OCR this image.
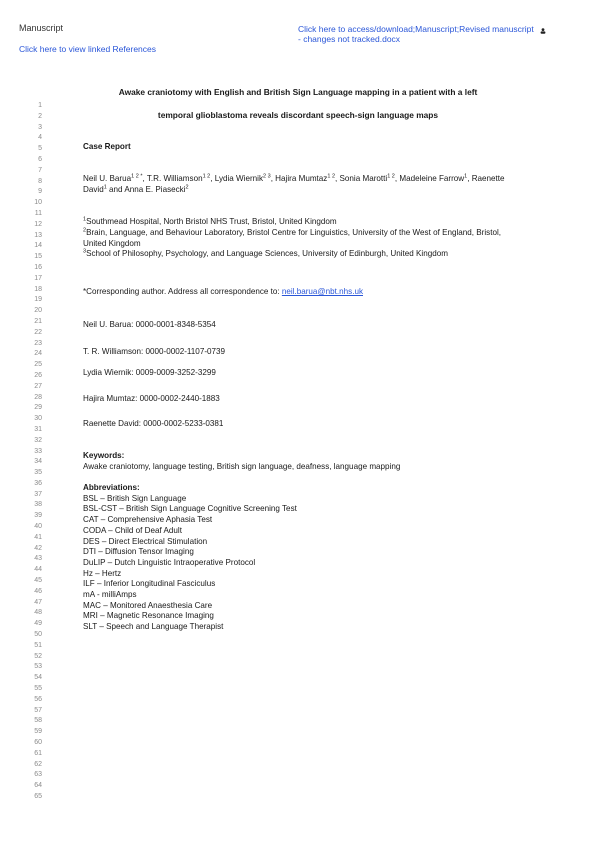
Manuscript
Click here to view linked References
Click here to access/download;Manuscript;Revised manuscript
- changes not tracked.docx
Awake craniotomy with English and British Sign Language mapping in a patient with a left
temporal glioblastoma reveals discordant speech-sign language maps
1
2
3
4
5
6
7
8
9
10
11
12
13
14
15
16
17
18
19
20
21
22
23
24
25
26
27
28
29
30
31
32
33
34
35
36
37
38
39
40
41
42
43
44
45
46
47
48
49
50
51
52
53
54
55
56
57
58
59
60
61
62
63
64
65
Case Report
Neil U. Barua$^{1 2 *}$, T.R. Williamson$^{1 2}$, Lydia Wiernik$^{2 3}$, Hajira Mumtaz$^{1 2}$, Sonia Marotti$^{1 2}$, Madeleine Farrow$^1$, Raenette David$^1$ and Anna E. Piasecki$^2$
$^1$Southmead Hospital, North Bristol NHS Trust, Bristol, United Kingdom
$^2$Brain, Language, and Behaviour Laboratory, Bristol Centre for Linguistics, University of the West of England, Bristol, United Kingdom
$^3$School of Philosophy, Psychology, and Language Sciences, University of Edinburgh, United Kingdom
*Corresponding author. Address all correspondence to: neil.barua@nbt.nhs.uk
Neil U. Barua: 0000-0001-8348-5354
T. R. Williamson: 0000-0002-1107-0739
Lydia Wiernik: 0009-0009-3252-3299
Hajira Mumtaz: 0000-0002-2440-1883
Raenette David: 0000-0002-5233-0381
Keywords:
Awake craniotomy, language testing, British sign language, deafness, language mapping
Abbreviations:
BSL – British Sign Language
BSL-CST – British Sign Language Cognitive Screening Test
CAT – Comprehensive Aphasia Test
CODA – Child of Deaf Adult
DES – Direct Electrical Stimulation
DTI – Diffusion Tensor Imaging
DuLIP – Dutch Linguistic Intraoperative Protocol
Hz – Hertz
ILF – Inferior Longitudinal Fasciculus
mA - milliAmps
MAC – Monitored Anaesthesia Care
MRI – Magnetic Resonance Imaging
SLT – Speech and Language Therapist
